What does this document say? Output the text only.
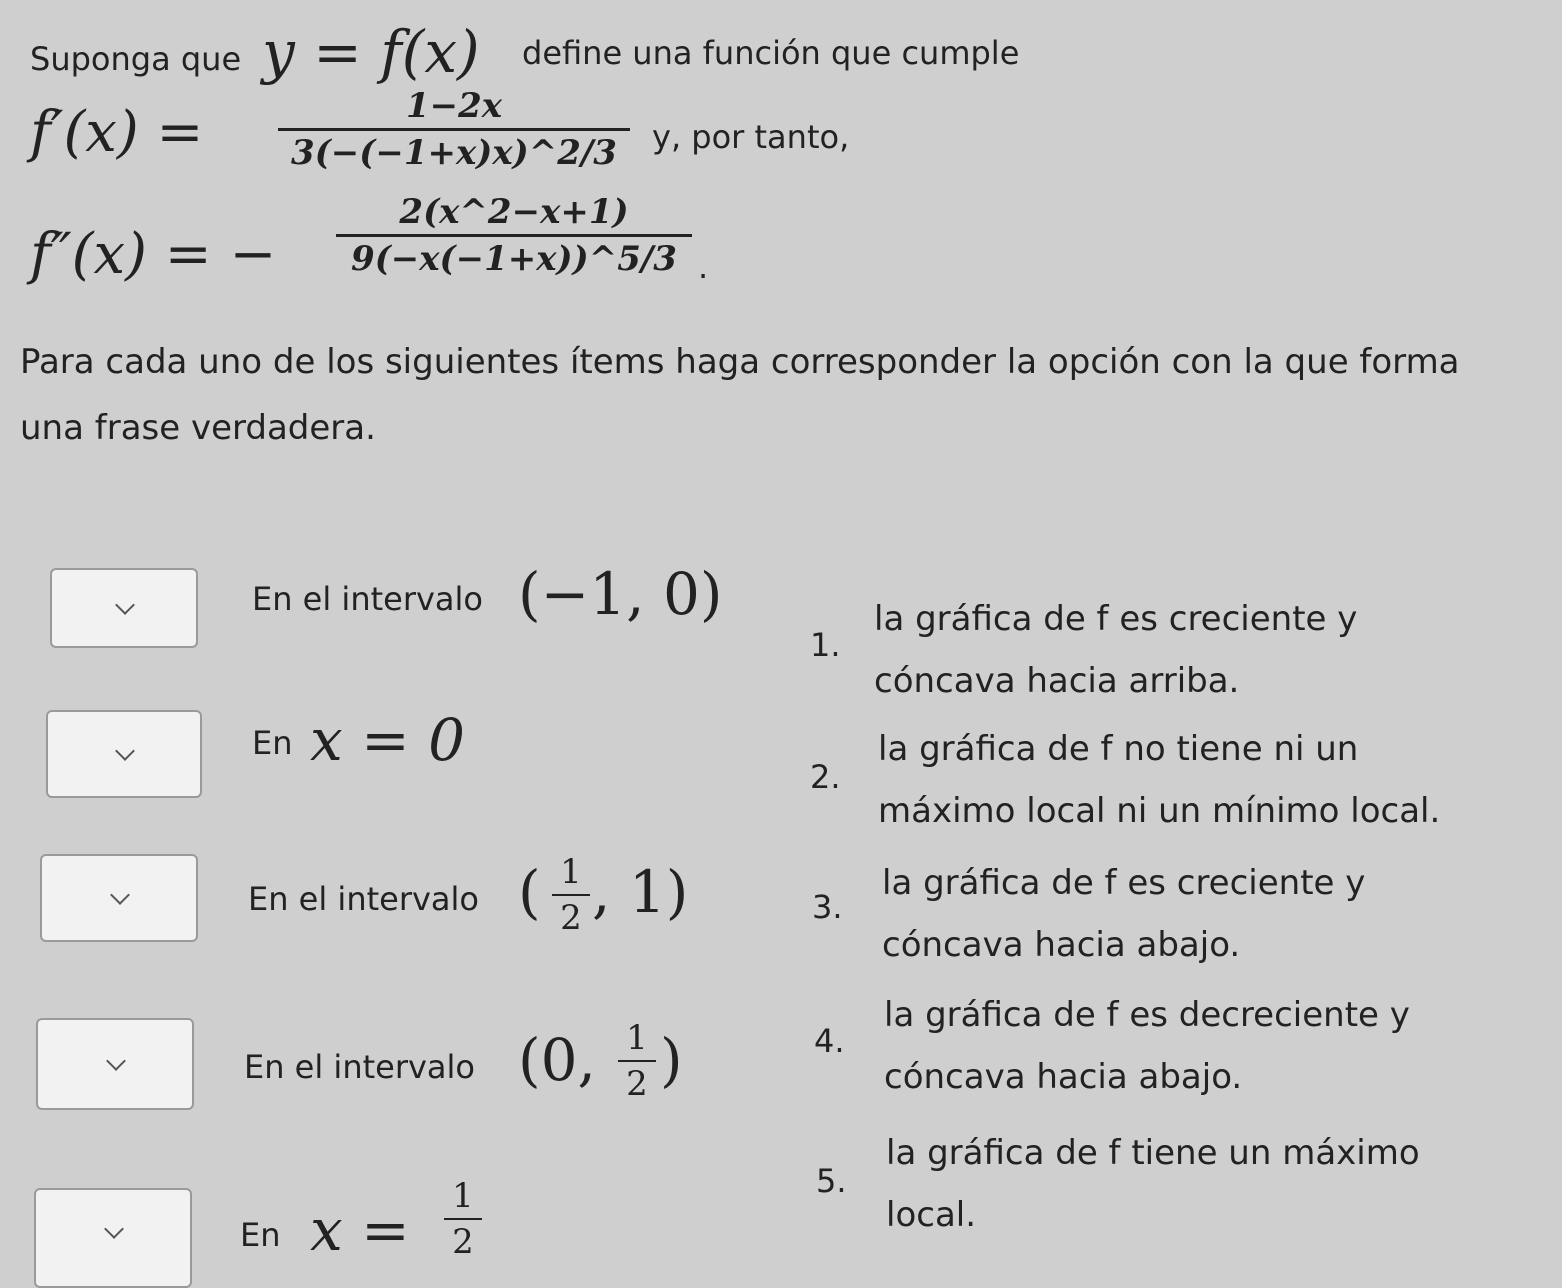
Suponga que y = f(x) define una función que cumple
f′(x) =	1−2x
3(−(−1+x)x)^2/3	y, por tanto,
f″(x) = −
2(x^2−x+1)
9(−x(−1+x))^5/3 .
Para cada uno de los siguientes ítems haga corresponder la opción con la que forma
una frase verdadera.
En el intervalo (−1, 0)
En x = 0
En el intervalo ( 1
2 , 1)
En el intervalo (0, 1
2 )
En x = 1
2
1.
la gráfica de f es creciente y
cóncava hacia arriba.
2.
la gráfica de f no tiene ni un
máximo local ni un mínimo local.
3.
la gráfica de f es creciente y
cóncava hacia abajo.
4.
la gráfica de f es decreciente y
cóncava hacia abajo.
5.
la gráfica de f tiene un máximo
local.
